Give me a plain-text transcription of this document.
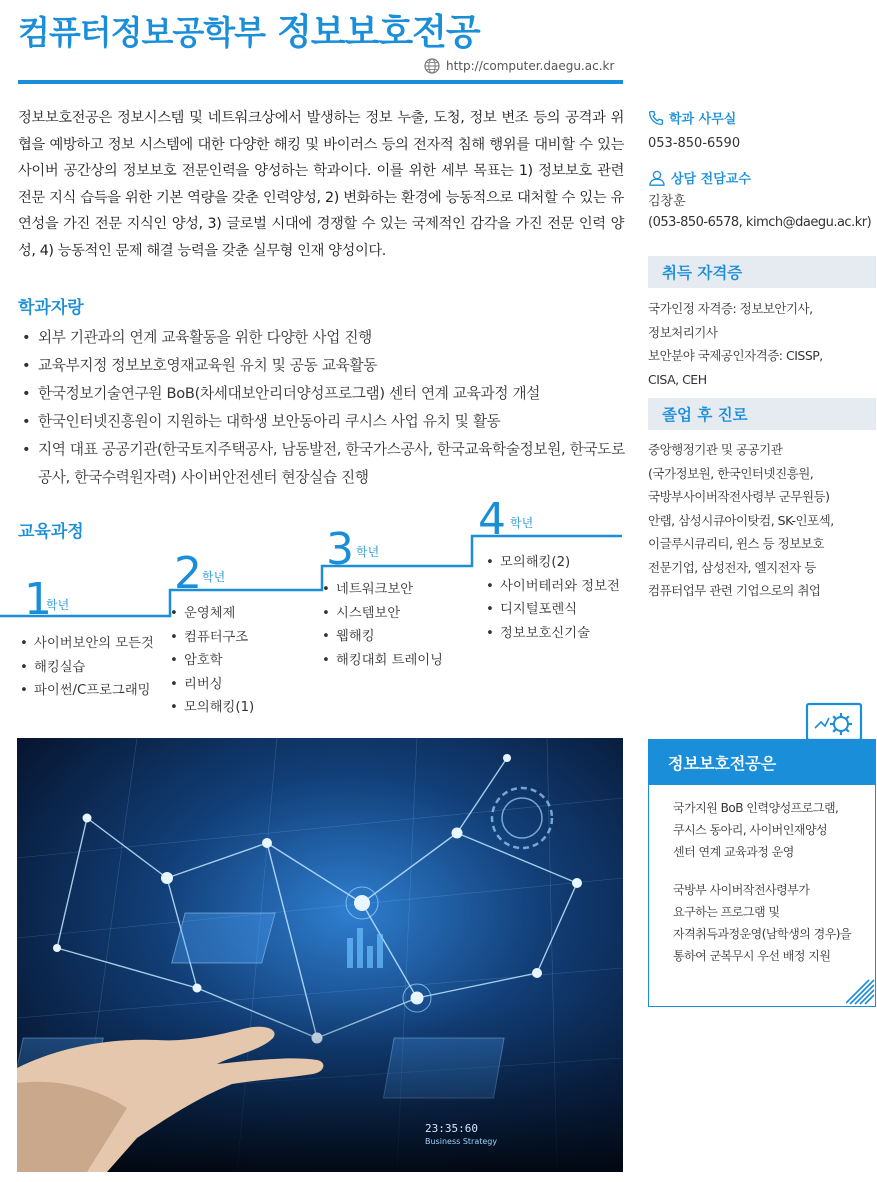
컴퓨터정보공학부 정보보호전공
http://computer.daegu.ac.kr

정보보호전공은 정보시스템 및 네트워크상에서 발생하는 정보 누출, 도청, 정보 변조 등의 공격과 위협을 예방하고 정보 시스템에 대한 다양한 해킹 및 바이러스 등의 전자적 침해 행위를 대비할 수 있는 사이버 공간상의 정보보호 전문인력을 양성하는 학과이다. 이를 위한 세부 목표는 1) 정보보호 관련 전문 지식 습득을 위한 기본 역량을 갖춘 인력양성, 2) 변화하는 환경에 능동적으로 대처할 수 있는 유연성을 가진 전문 지식인 양성, 3) 글로벌 시대에 경쟁할 수 있는 국제적인 감각을 가진 전문 인력 양성, 4) 능동적인 문제 해결 능력을 갖춘 실무형 인재 양성이다.

학과자랑
• 외부 기관과의 연계 교육활동을 위한 다양한 사업 진행
• 교육부지정 정보보호영재교육원 유치 및 공동 교육활동
• 한국정보기술연구원 BoB(차세대보안리더양성프로그램) 센터 연계 교육과정 개설
• 한국인터넷진흥원이 지원하는 대학생 보안동아리 쿠시스 사업 유치 및 활동
• 지역 대표 공공기관(한국토지주택공사, 남동발전, 한국가스공사, 한국교육학술정보원, 한국도로공사, 한국수력원자력) 사이버안전센터 현장실습 진행
교육과정
1
학년
• 사이버보안의 모든것
• 해킹실습
• 파이썬/C프로그래밍
2 학년
• 운영체제
• 컴퓨터구조
• 암호학
• 리버싱
• 모의해킹(1)
3 학년
• 네트워크보안
• 시스템보안
• 웹해킹
• 해킹대회 트레이닝
4 학년
• 모의해킹(2)
• 사이버테러와 정보전
• 디지털포렌식
• 정보보호신기술
학과 사무실
053-850-6590
상담 전담교수
김창훈
(053-850-6578, kimch@daegu.ac.kr)
취득 자격증
국가인정 자격증: 정보보안기사,
정보처리기사
보안분야 국제공인자격증: CISSP,
CISA, CEH
졸업 후 진로
중앙행정기관 및 공공기관
(국가정보원, 한국인터넷진흥원,
국방부사이버작전사령부 군무원등)
안랩, 삼성시큐아이탓컴, SK-인포섹,
이글루시큐리티, 윈스 등 정보보호
전문기업, 삼성전자, 엘지전자 등
컴퓨터업무 관련 기업으로의 취업
23:35:60
Business Strategy
정보보호전공은
국가지원 BoB 인력양성프로그램,
쿠시스 동아리, 사이버인재양성
센터 연계 교육과정 운영
국방부 사이버작전사령부가
요구하는 프로그램 및
자격취득과정운영(남학생의 경우)을
통하여 군복무시 우선 배정 지원
